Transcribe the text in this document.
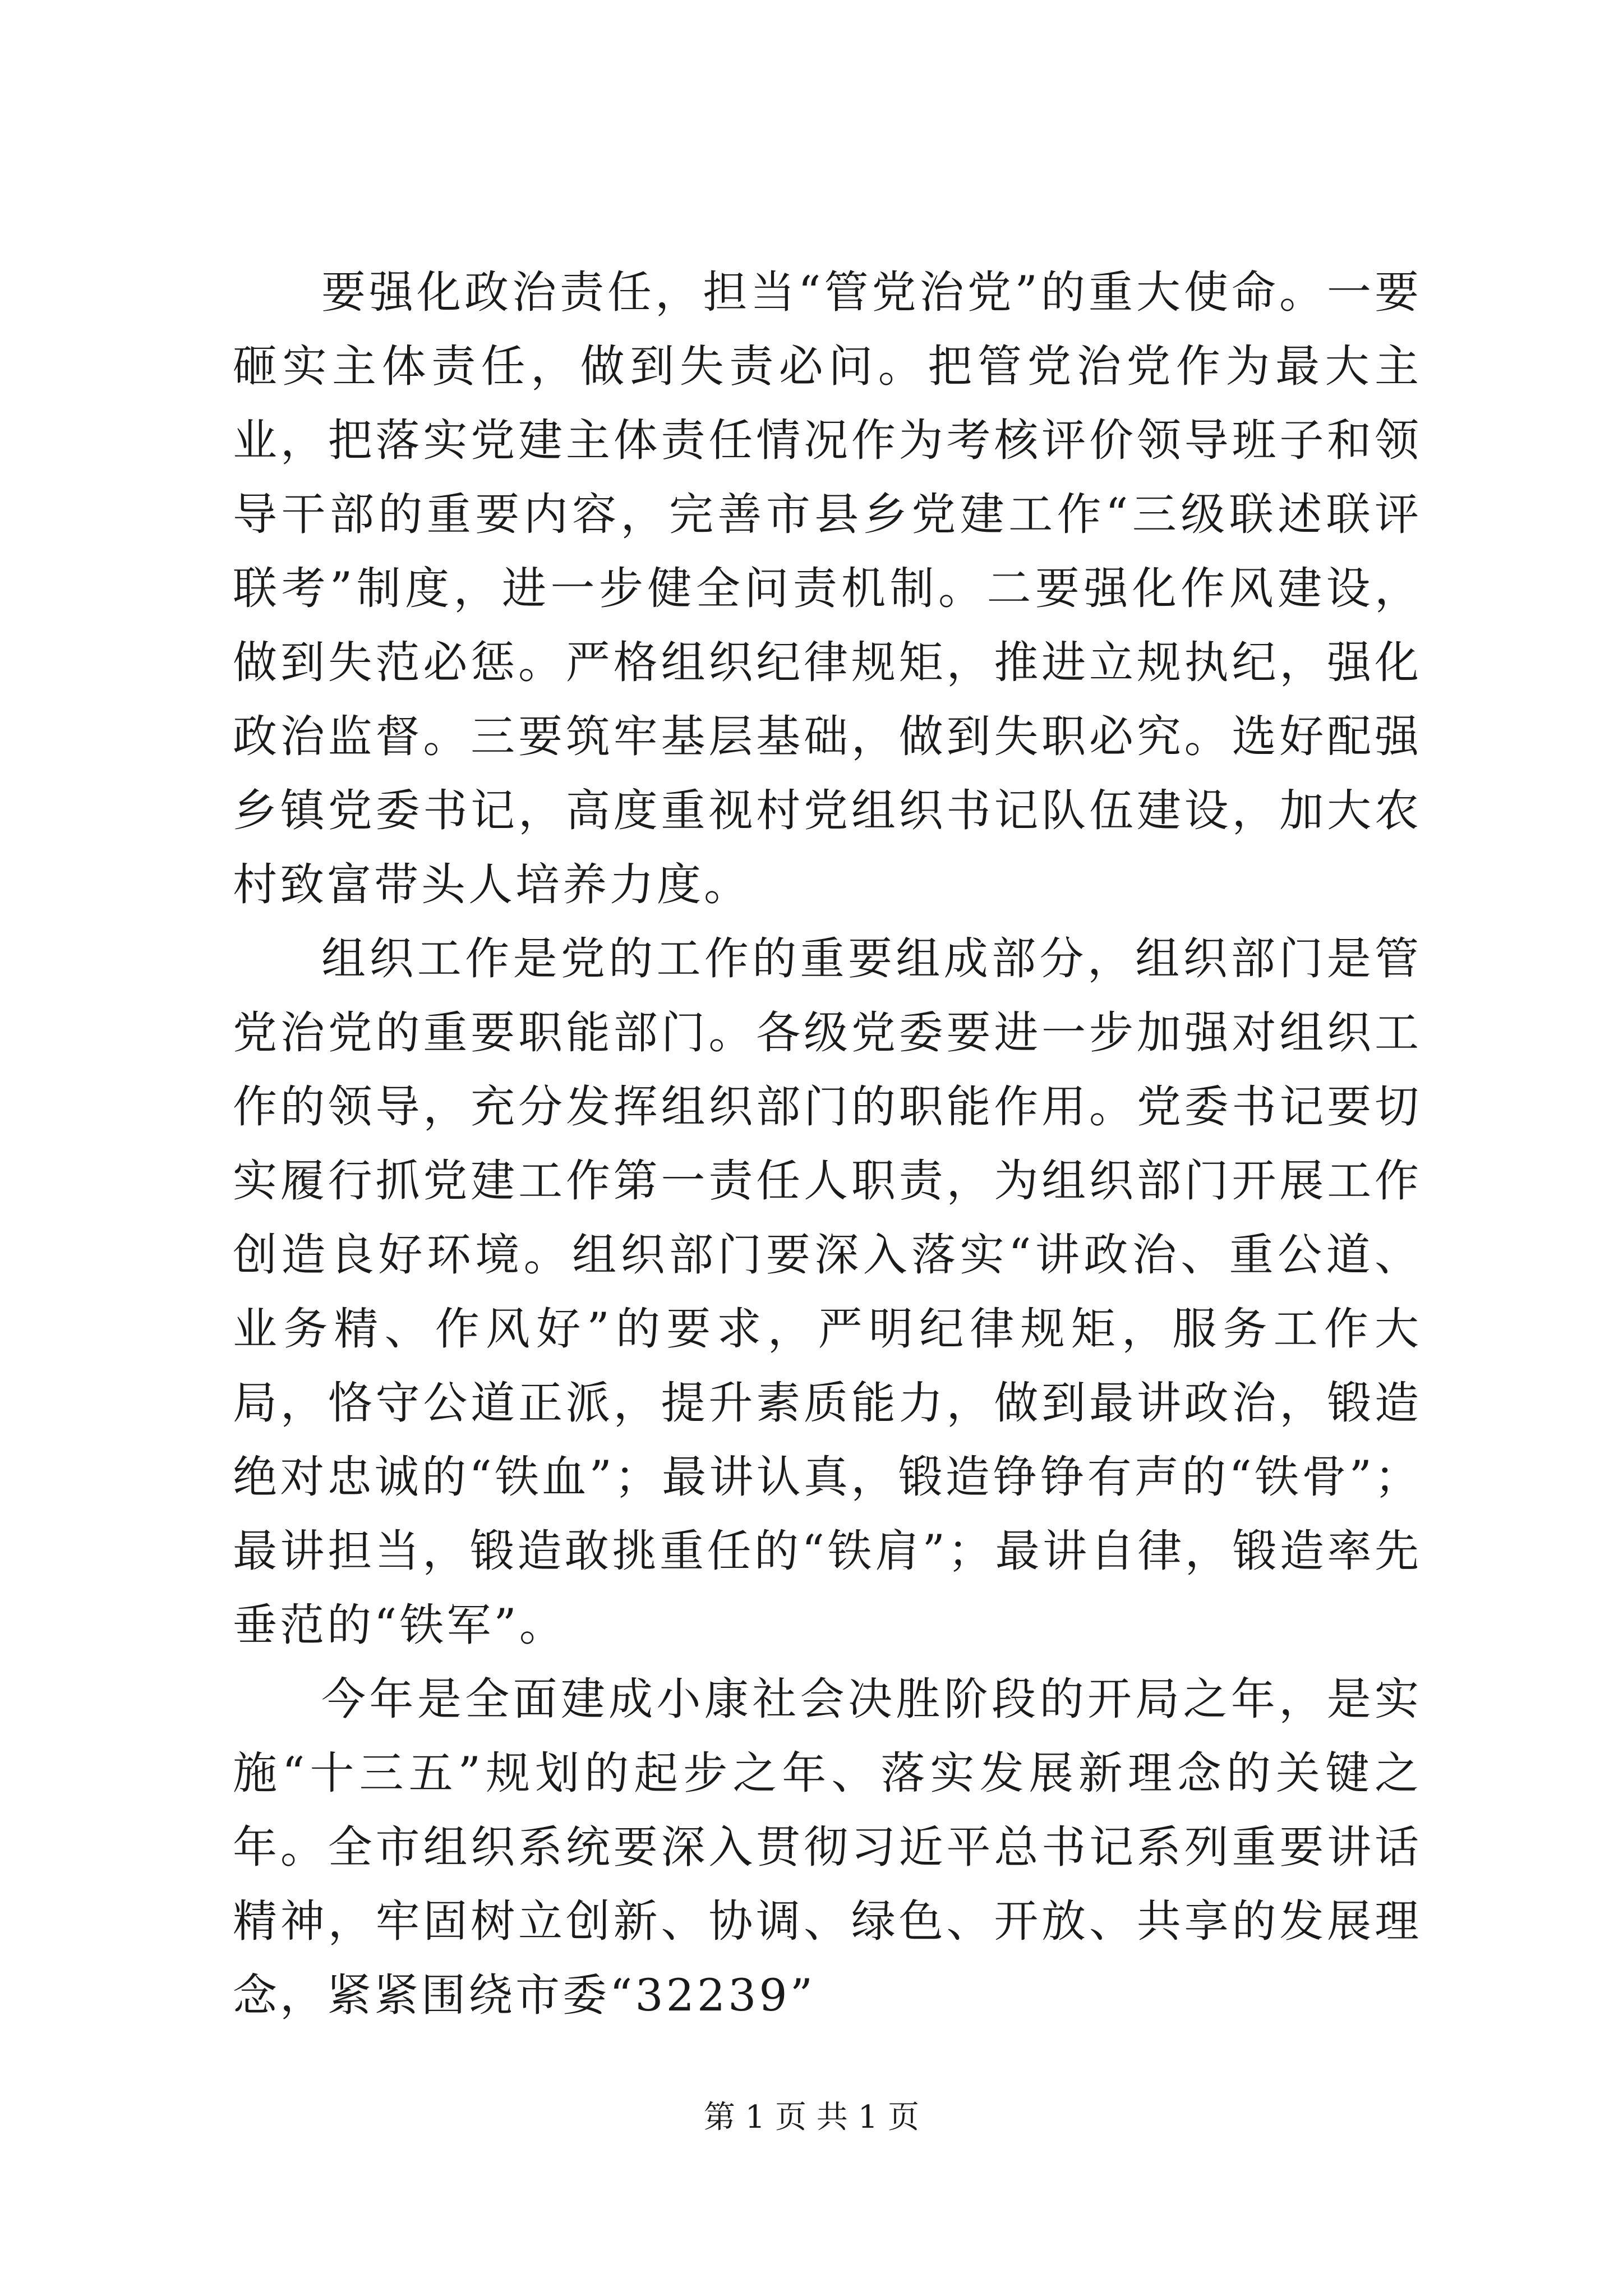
要强化政治责任，担当“管党治党”的重大使命。一要砸实主体责任，做到失责必问。把管党治党作为最大主业，把落实党建主体责任情况作为考核评价领导班子和领导干部的重要内容，完善市县乡党建工作“三级联述联评联考”制度，进一步健全问责机制。二要强化作风建设，做到失范必惩。严格组织纪律规矩，推进立规执纪，强化政治监督。三要筑牢基层基础，做到失职必究。选好配强乡镇党委书记，高度重视村党组织书记队伍建设，加大农村致富带头人培养力度。

组织工作是党的工作的重要组成部分，组织部门是管党治党的重要职能部门。各级党委要进一步加强对组织工作的领导，充分发挥组织部门的职能作用。党委书记要切实履行抓党建工作第一责任人职责，为组织部门开展工作创造良好环境。组织部门要深入落实“讲政治、重公道、业务精、作风好”的要求，严明纪律规矩，服务工作大局，恪守公道正派，提升素质能力，做到最讲政治，锻造绝对忠诚的“铁血”；最讲认真，锻造铮铮有声的“铁骨”；最讲担当，锻造敢挑重任的“铁肩”；最讲自律，锻造率先垂范的“铁军”。

今年是全面建成小康社会决胜阶段的开局之年，是实施“十三五”规划的起步之年、落实发展新理念的关键之年。全市组织系统要深入贯彻习近平总书记系列重要讲话精神，牢固树立创新、协调、绿色、开放、共享的发展理念，紧紧围绕市委“32239”

第 1 页 共 1 页
